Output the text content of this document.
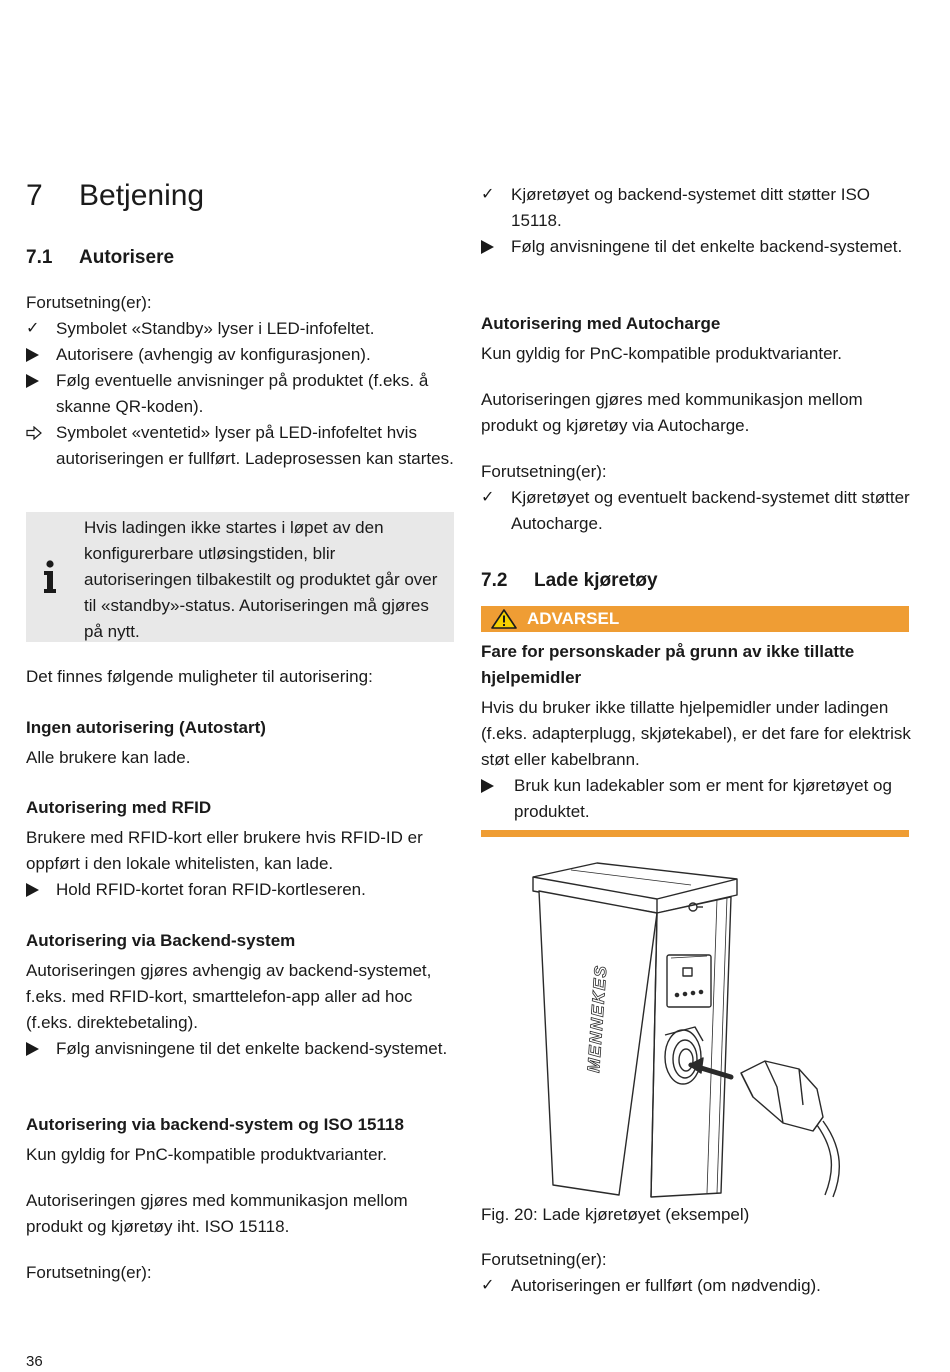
7 Betjening
7.1 Autorisere

Forutsetning(er):

✓ Symbolet «Standby» lyser i LED-infofeltet.
Autorisere (avhengig av konfigurasjonen).
Følg eventuelle anvisninger på produktet (f.eks. å skanne QR-koden).
Symbolet «ventetid» lyser på LED-infofeltet hvis autoriseringen er fullført. Ladeprosessen kan startes.

Hvis ladingen ikke startes i løpet av den konfigurerbare utløsingstiden, blir autoriseringen tilbakestilt og produktet går over til «standby»-status. Autoriseringen må gjøres på nytt.

Det finnes følgende muligheter til autorisering:

Ingen autorisering (Autostart)

Alle brukere kan lade.

Autorisering med RFID

Brukere med RFID-kort eller brukere hvis RFID-ID er oppført i den lokale whitelisten, kan lade.

Hold RFID-kortet foran RFID-kortleseren.
Autorisering via Backend-system

Autoriseringen gjøres avhengig av backend-systemet, f.eks. med RFID-kort, smarttelefon-app aller ad hoc (f.eks. direktebetaling).

Følg anvisningene til det enkelte backend-systemet.
Autorisering via backend-system og ISO 15118

Kun gyldig for PnC-kompatible produktvarianter.

Autoriseringen gjøres med kommunikasjon mellom produkt og kjøretøy iht. ISO 15118.

Forutsetning(er):

36
✓ Kjøretøyet og backend-systemet ditt støtter ISO 15118.
Følg anvisningene til det enkelte backend-systemet.
Autorisering med Autocharge

Kun gyldig for PnC-kompatible produktvarianter.

Autoriseringen gjøres med kommunikasjon mellom produkt og kjøretøy via Autocharge.

Forutsetning(er):

✓ Kjøretøyet og eventuelt backend-systemet ditt støtter Autocharge.
7.2 Lade kjøretøy
ADVARSEL
Fare for personskader på grunn av ikke tillatte hjelpemidler

Hvis du bruker ikke tillatte hjelpemidler under ladingen (f.eks. adapterplugg, skjøtekabel), er det fare for elektrisk støt eller kabelbrann.

Bruk kun ladekabler som er ment for kjøretøyet og produktet.
MENNEKES

Fig. 20: Lade kjøretøyet (eksempel)

Forutsetning(er):

✓ Autoriseringen er fullført (om nødvendig).
